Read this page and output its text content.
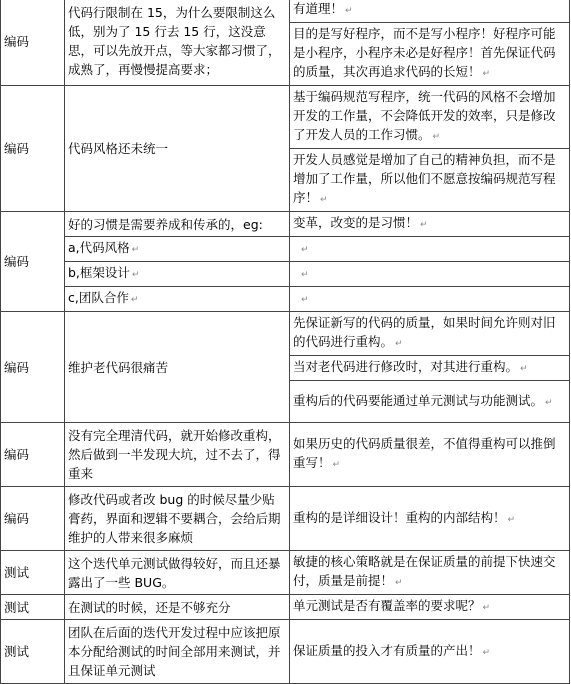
编码	代码行限制在 15，为什么要限制这么低，别为了 15 行去 15 行，这没意思，可以先放开点，等大家都习惯了，成熟了，再慢慢提高要求；	有道理！ ↵
		目的是写好程序，而不是写小程序！好程序可能是小程序，小程序未必是好程序！首先保证代码的质量，其次再追求代码的长短！ ↵
编码	代码风格还未统一	基于编码规范写程序，统一代码的风格不会增加开发的工作量，不会降低开发的效率，只是修改了开发人员的工作习惯。 ↵
		开发人员感觉是增加了自己的精神负担，而不是增加了工作量，所以他们不愿意按编码规范写程序！ ↵
编码	好的习惯是需要养成和传承的，eg:	变革，改变的是习惯！ ↵
	a,代码风格 ↵	↵
	b,框架设计 ↵	↵
	c,团队合作 ↵	↵
编码	维护老代码很痛苦	先保证新写的代码的质量，如果时间允许则对旧的代码进行重构。 ↵
		当对老代码进行修改时，对其进行重构。 ↵
		重构后的代码要能通过单元测试与功能测试。 ↵
编码	没有完全理清代码，就开始修改重构，然后做到一半发现大坑，过不去了，得重来	如果历史的代码质量很差，不值得重构可以推倒重写！ ↵
编码	修改代码或者改 bug 的时候尽量少贴膏药，界面和逻辑不要耦合，会给后期维护的人带来很多麻烦	重构的是详细设计！重构的内部结构！ ↵
测试	这个迭代单元测试做得较好，而且还暴露出了一些 BUG。	敏捷的核心策略就是在保证质量的前提下快速交付，质量是前提！ ↵
测试	在测试的时候，还是不够充分	单元测试是否有覆盖率的要求呢？ ↵
测试	团队在后面的迭代开发过程中应该把原本分配给测试的时间全部用来测试，并且保证单元测试	保证质量的投入才有质量的产出！ ↵
